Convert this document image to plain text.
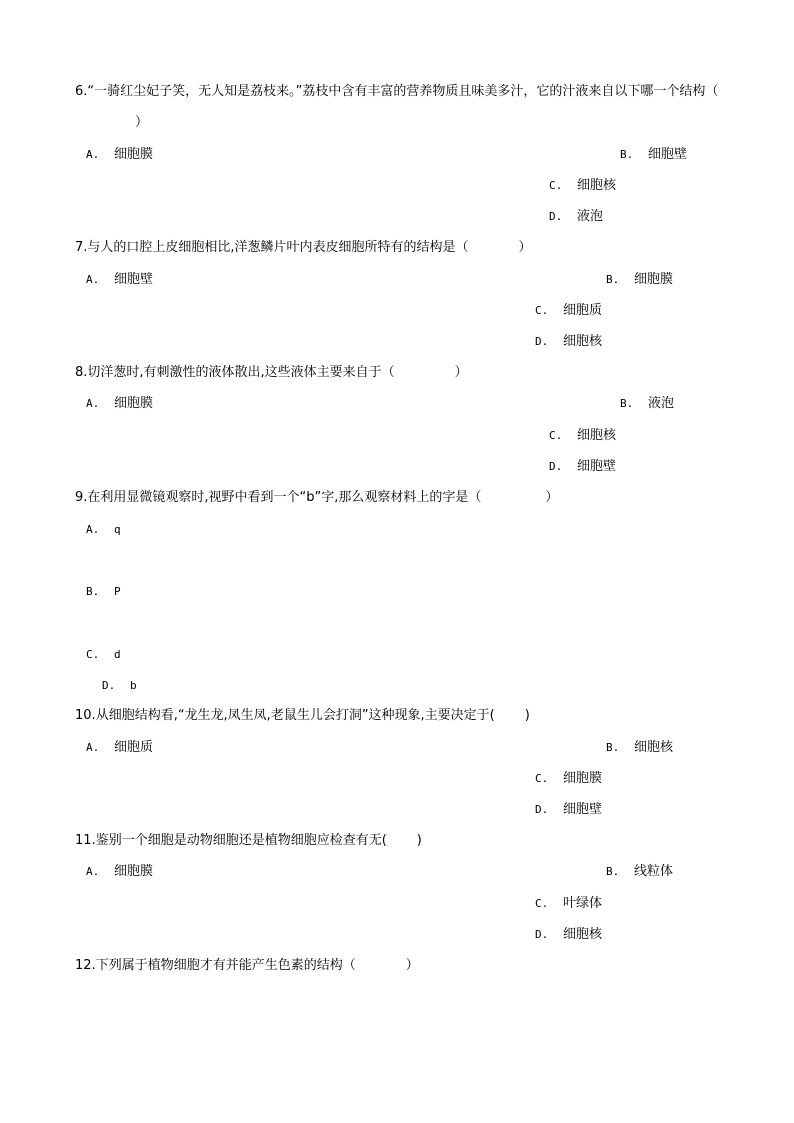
6.“一骑红尘妃子笑，无人知是荔枝来。”荔枝中含有丰富的营养物质且味美多汁，它的汁液来自以下哪一个结构（）
A. 细胞膜	B. 细胞壁
C. 细胞核
D. 液泡
7.与人的口腔上皮细胞相比,洋葱鳞片叶内表皮细胞所特有的结构是（	）
A. 细胞壁	B. 细胞膜
C. 细胞质
D. 细胞核
8.切洋葱时,有刺激性的液体散出,这些液体主要来自于（	）
A. 细胞膜	B. 液泡
C. 细胞核
D. 细胞壁
9.在利用显微镜观察时,视野中看到一个“b”字,那么观察材料上的字是（	）
A. q
B. P
C. d
D. b
10.从细胞结构看,“龙生龙,凤生凤,老鼠生儿会打洞”这种现象,主要决定于( )
A. 细胞质	B. 细胞核
C. 细胞膜
D. 细胞壁
11.鉴别一个细胞是动物细胞还是植物细胞应检查有无( )
A. 细胞膜	B. 线粒体
C. 叶绿体
D. 细胞核
12.下列属于植物细胞才有并能产生色素的结构（	）
